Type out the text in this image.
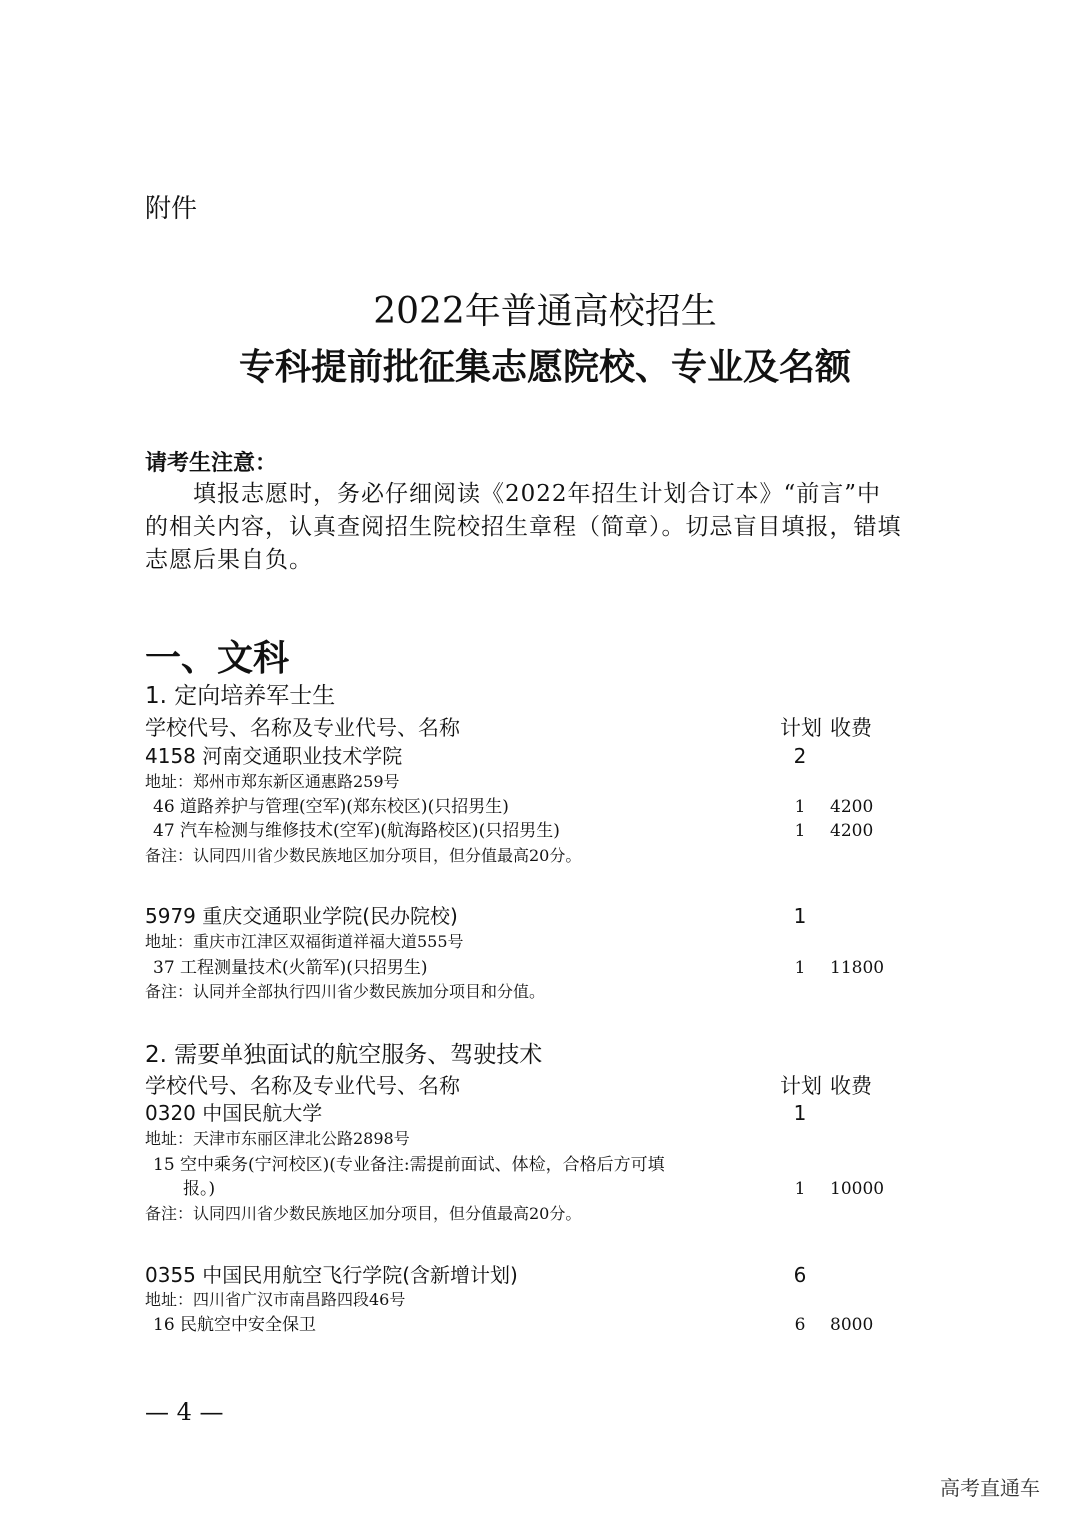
附件
2022年普通高校招生
专科提前批征集志愿院校、专业及名额
请考生注意：
　　填报志愿时，务必仔细阅读《2022年招生计划合订本》“前言”中
的相关内容，认真查阅招生院校招生章程（简章）。切忌盲目填报，错填
志愿后果自负。
一、文科
1. 定向培养军士生
学校代号、名称及专业代号、名称	计划 收费
4158 河南交通职业技术学院	2
地址：郑州市郑东新区通惠路259号
46 道路养护与管理(空军)(郑东校区)(只招男生)	1	4200
47 汽车检测与维修技术(空军)(航海路校区)(只招男生)	1	4200
备注：认同四川省少数民族地区加分项目，但分值最高20分。
5979 重庆交通职业学院(民办院校)	1
地址：重庆市江津区双福街道祥福大道555号
37 工程测量技术(火箭军)(只招男生)	1	11800
备注：认同并全部执行四川省少数民族加分项目和分值。
2. 需要单独面试的航空服务、驾驶技术
学校代号、名称及专业代号、名称	计划 收费
0320 中国民航大学	1
地址：天津市东丽区津北公路2898号
15 空中乘务(宁河校区)(专业备注:需提前面试、体检，合格后方可填
报。)	1	10000
备注：认同四川省少数民族地区加分项目，但分值最高20分。
0355 中国民用航空飞行学院(含新增计划)	6
地址：四川省广汉市南昌路四段46号
16 民航空中安全保卫	6	8000
— 4 —
高考直通车
